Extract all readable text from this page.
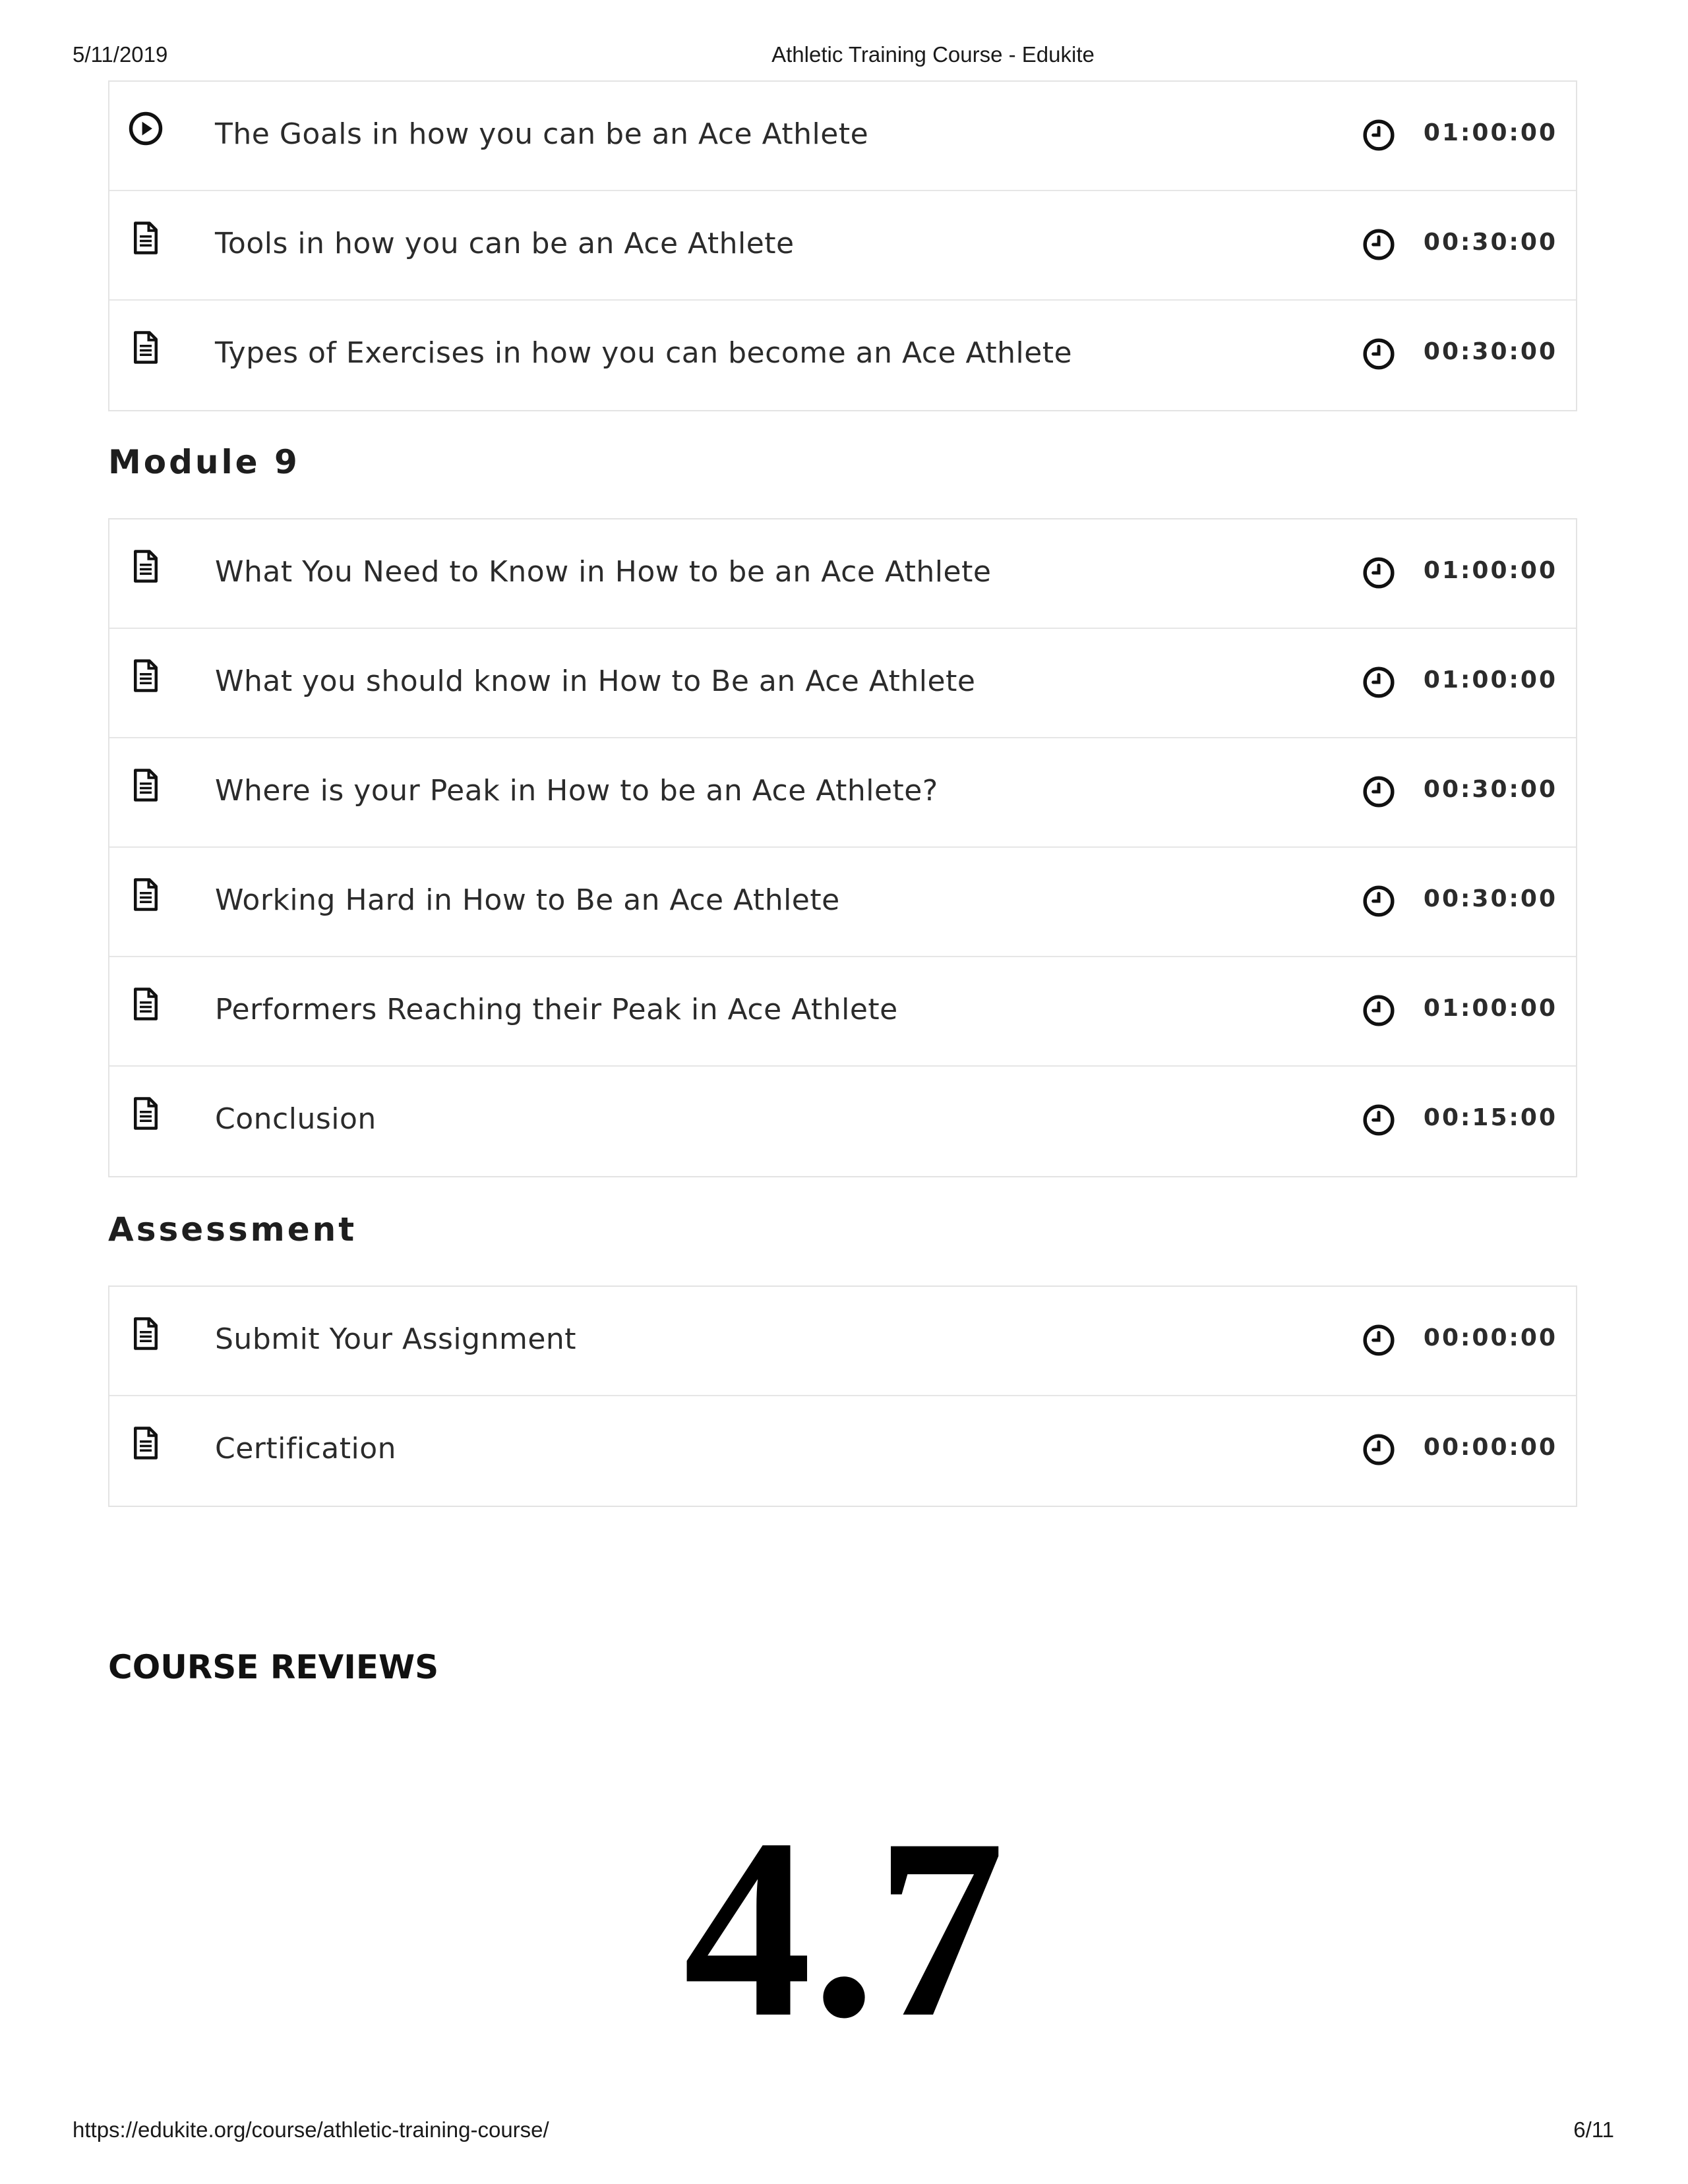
5/11/2019	Athletic Training Course - Edukite
The Goals in how you can be an Ace Athlete	01:00:00
Tools in how you can be an Ace Athlete	00:30:00
Types of Exercises in how you can become an Ace Athlete	00:30:00
Module 9
What You Need to Know in How to be an Ace Athlete	01:00:00
What you should know in How to Be an Ace Athlete	01:00:00
Where is your Peak in How to be an Ace Athlete?	00:30:00
Working Hard in How to Be an Ace Athlete	00:30:00
Performers Reaching their Peak in Ace Athlete	01:00:00
Conclusion	00:15:00
Assessment
Submit Your Assignment	00:00:00
Certification	00:00:00
COURSE REVIEWS
4.7
https://edukite.org/course/athletic-training-course/	6/11
